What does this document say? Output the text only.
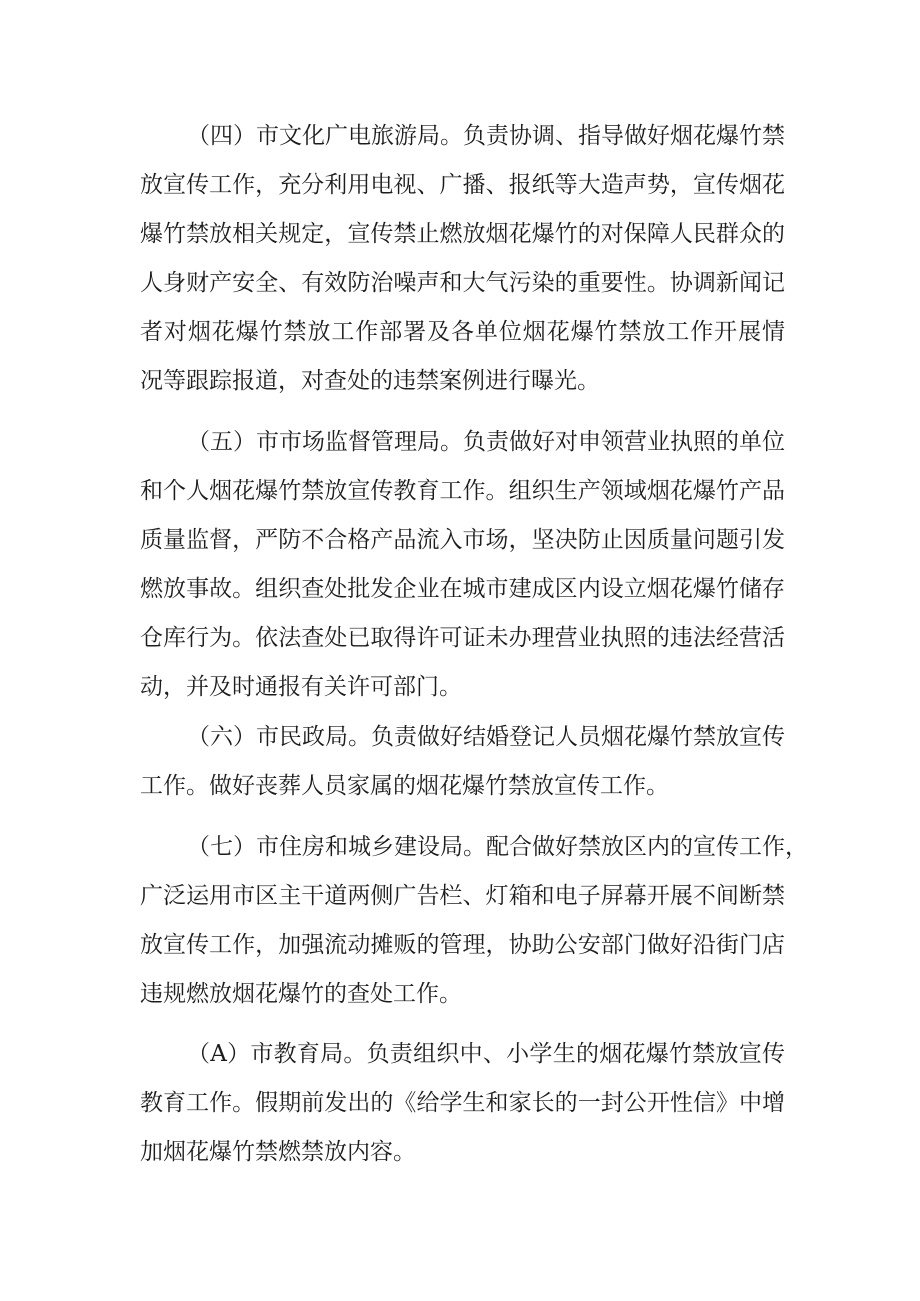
（四）市文化广电旅游局。负责协调、指导做好烟花爆竹禁
放宣传工作，充分利用电视、广播、报纸等大造声势，宣传烟花
爆竹禁放相关规定，宣传禁止燃放烟花爆竹的对保障人民群众的
人身财产安全、有效防治噪声和大气污染的重要性。协调新闻记
者对烟花爆竹禁放工作部署及各单位烟花爆竹禁放工作开展情
况等跟踪报道，对查处的违禁案例进行曝光。
（五）市市场监督管理局。负责做好对申领营业执照的单位
和个人烟花爆竹禁放宣传教育工作。组织生产领域烟花爆竹产品
质量监督，严防不合格产品流入市场，坚决防止因质量问题引发
燃放事故。组织查处批发企业在城市建成区内设立烟花爆竹储存
仓库行为。依法查处已取得许可证未办理营业执照的违法经营活
动，并及时通报有关许可部门。
（六）市民政局。负责做好结婚登记人员烟花爆竹禁放宣传
工作。做好丧葬人员家属的烟花爆竹禁放宣传工作。
（七）市住房和城乡建设局。配合做好禁放区内的宣传工作，
广泛运用市区主干道两侧广告栏、灯箱和电子屏幕开展不间断禁
放宣传工作，加强流动摊贩的管理，协助公安部门做好沿街门店
违规燃放烟花爆竹的查处工作。
（A）市教育局。负责组织中、小学生的烟花爆竹禁放宣传
教育工作。假期前发出的《给学生和家长的一封公开性信》中增
加烟花爆竹禁燃禁放内容。
